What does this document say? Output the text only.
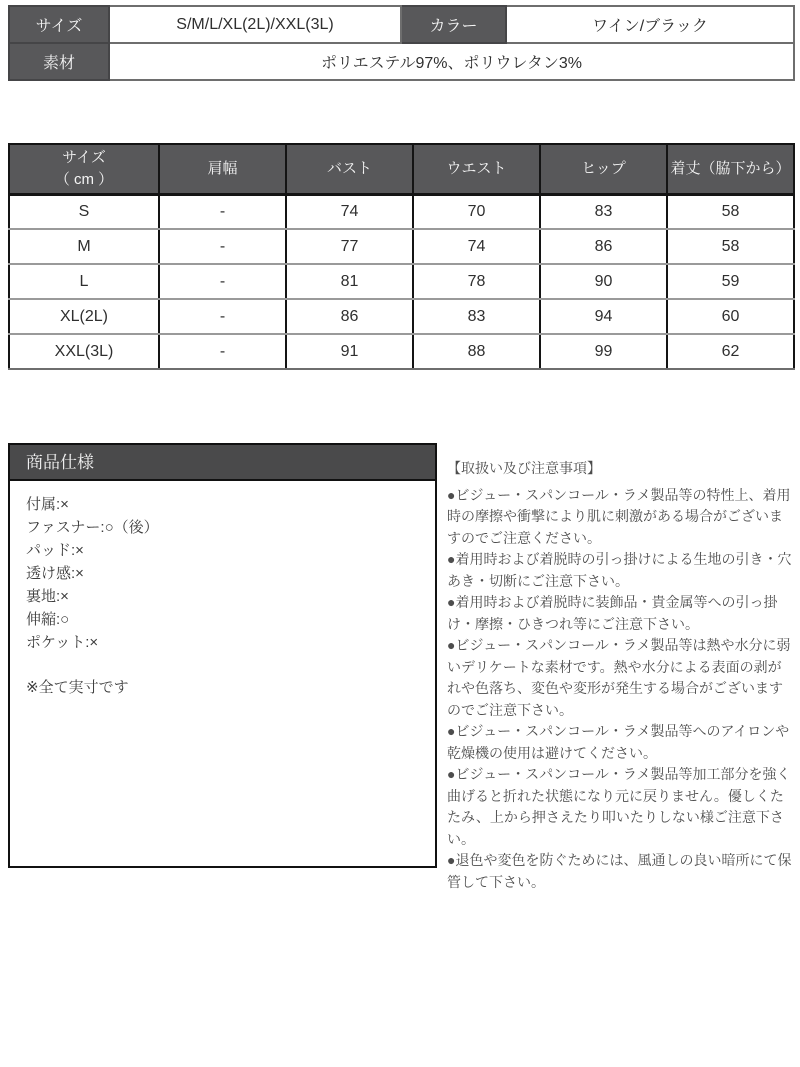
サイズ	S/M/L/XL(2L)/XXL(3L)	カラー	ワイン/ブラック
素材	ポリエステル97%、ポリウレタン3%		
サイズ
（ cm ）	肩幅	バスト	ウエスト	ヒップ	着丈（脇下から）
S	-	74	70	83	58
M	-	77	74	86	58
L	-	81	78	90	59
XL(2L)	-	86	83	94	60
XXL(3L)	-	91	88	99	62
商品仕様
付属:×
ファスナー:○（後）
パッド:×
透け感:×
裏地:×
伸縮:○
ポケット:×
※全て実寸です
【取扱い及び注意事項】

●ビジュー・スパンコール・ラメ製品等の特性上、着用時の摩擦や衝撃により肌に刺激がある場合がございますのでご注意ください。

●着用時および着脱時の引っ掛けによる生地の引き・穴あき・切断にご注意下さい。

●着用時および着脱時に装飾品・貴金属等への引っ掛け・摩擦・ひきつれ等にご注意下さい。

●ビジュー・スパンコール・ラメ製品等は熱や水分に弱いデリケートな素材です。熱や水分による表面の剥がれや色落ち、変色や変形が発生する場合がございますのでご注意下さい。

●ビジュー・スパンコール・ラメ製品等へのアイロンや乾燥機の使用は避けてください。

●ビジュー・スパンコール・ラメ製品等加工部分を強く曲げると折れた状態になり元に戻りません。優しくたたみ、上から押さえたり叩いたりしない様ご注意下さい。

●退色や変色を防ぐためには、風通しの良い暗所にて保管して下さい。
